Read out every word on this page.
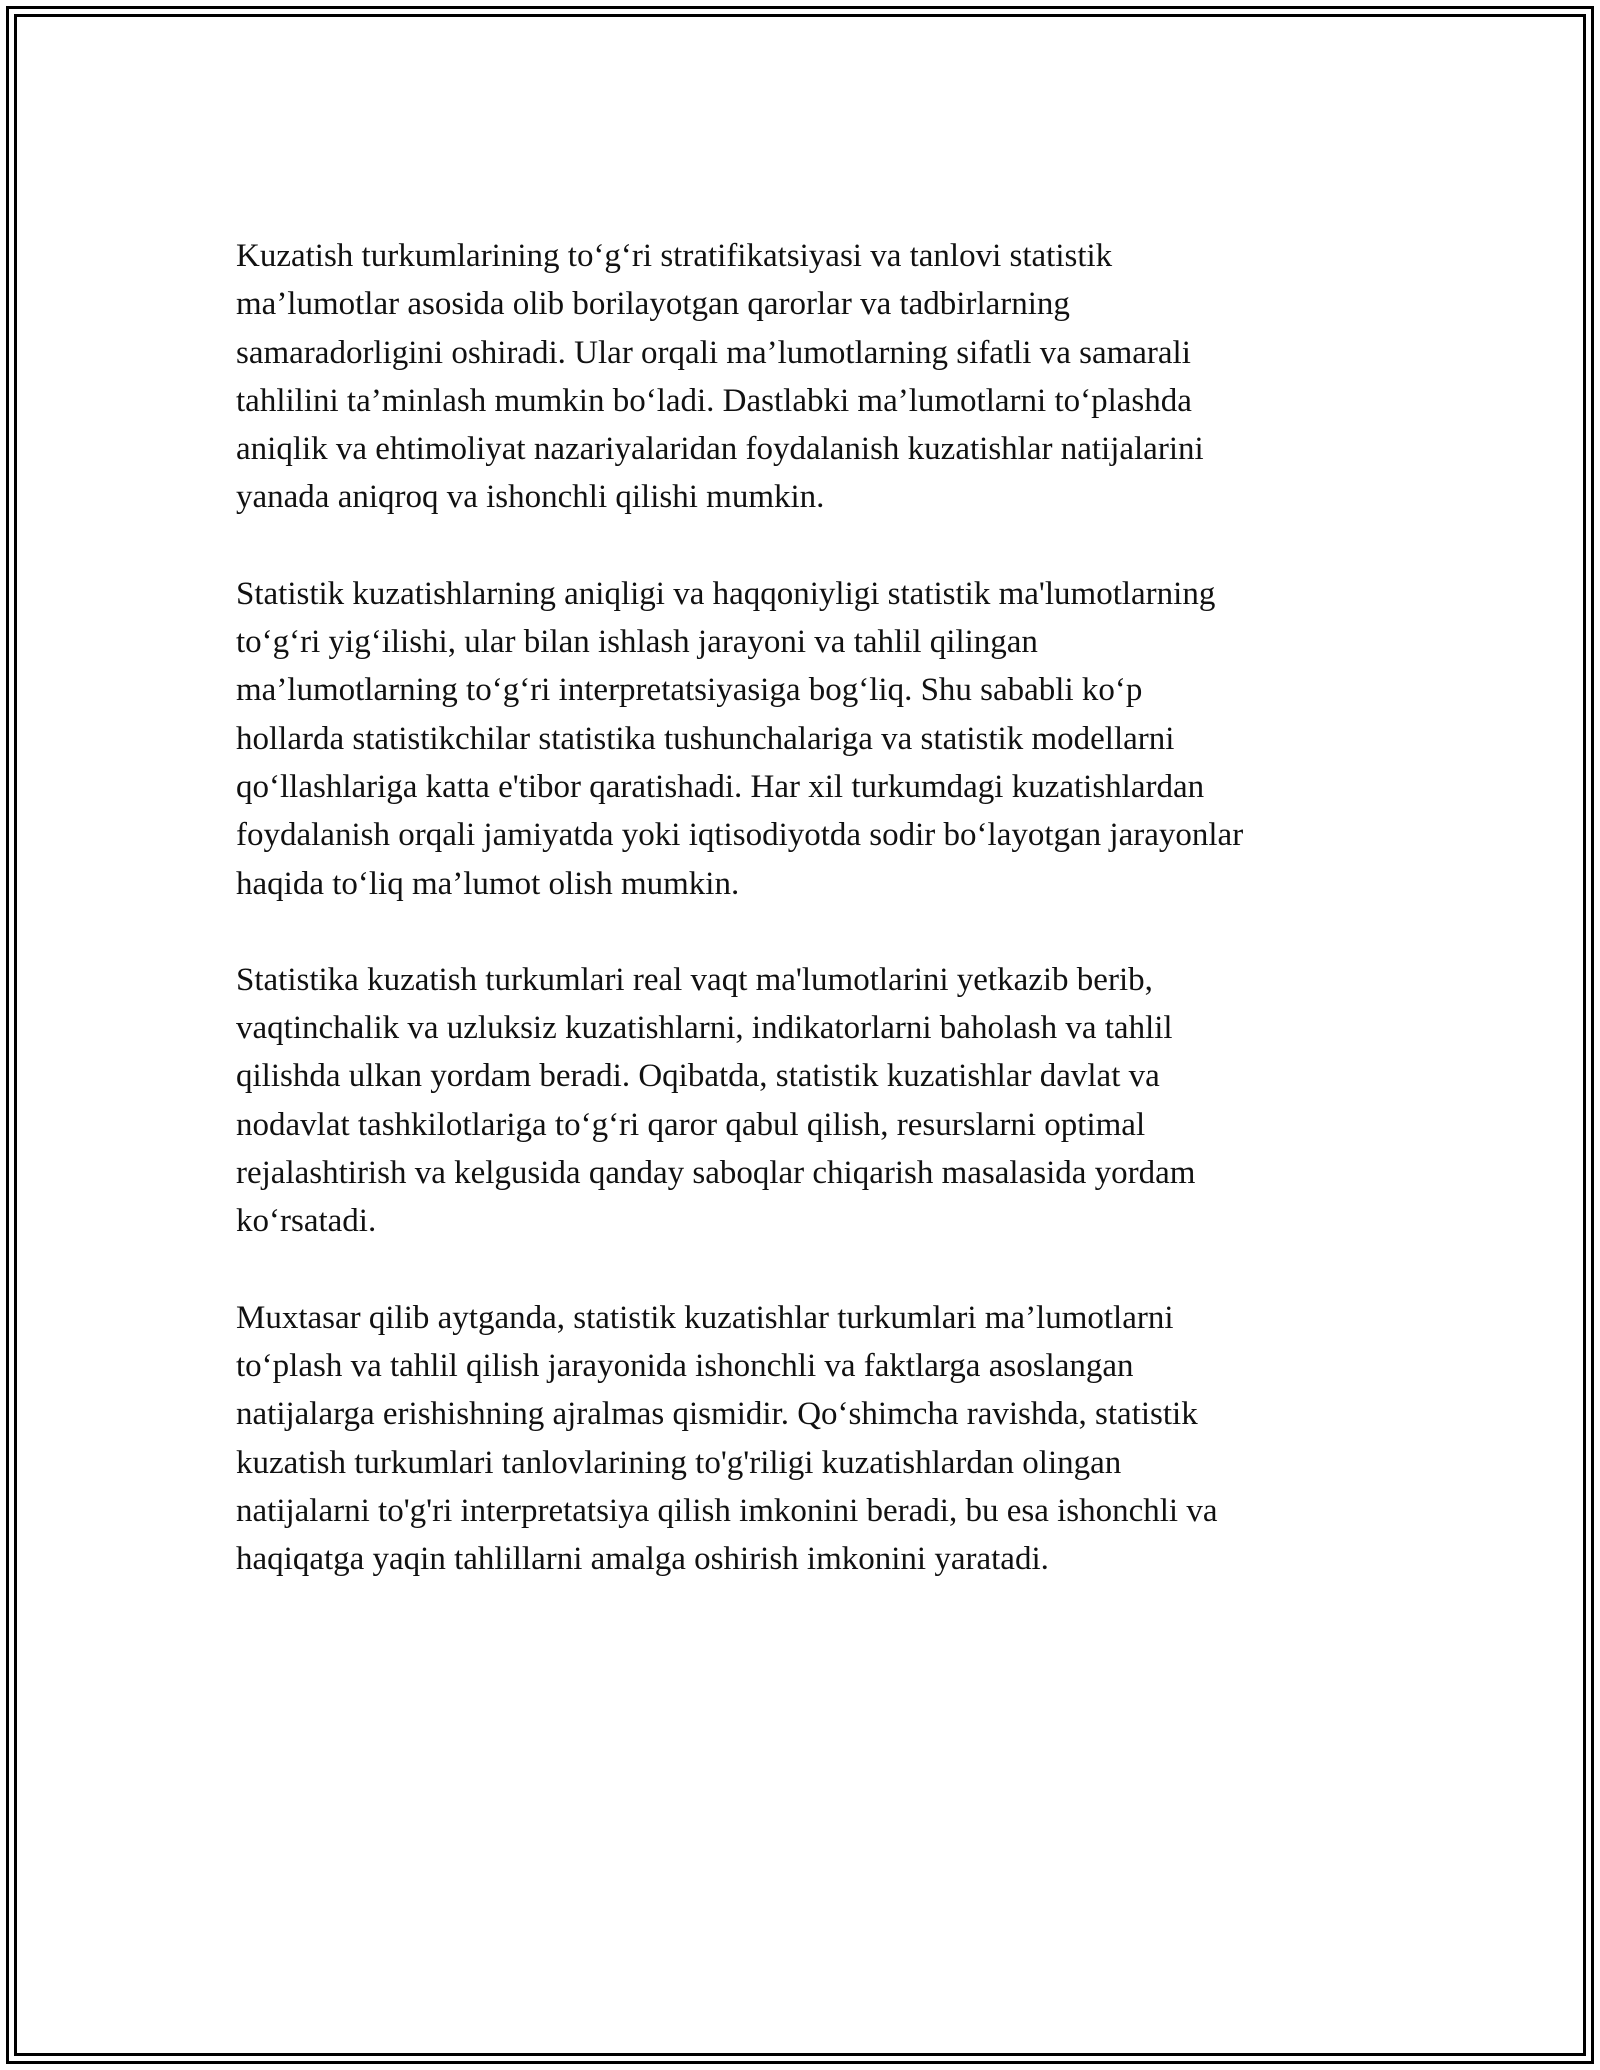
Kuzatish turkumlarining to‘g‘ri stratifikatsiyasi va tanlovi statistik
ma’lumotlar asosida olib borilayotgan qarorlar va tadbirlarning
samaradorligini oshiradi. Ular orqali ma’lumotlarning sifatli va samarali
tahlilini ta’minlash mumkin bo‘ladi. Dastlabki ma’lumotlarni to‘plashda
aniqlik va ehtimoliyat nazariyalaridan foydalanish kuzatishlar natijalarini
yanada aniqroq va ishonchli qilishi mumkin.

Statistik kuzatishlarning aniqligi va haqqoniyligi statistik ma'lumotlarning
to‘g‘ri yig‘ilishi, ular bilan ishlash jarayoni va tahlil qilingan
ma’lumotlarning to‘g‘ri interpretatsiyasiga bog‘liq. Shu sababli ko‘p
hollarda statistikchilar statistika tushunchalariga va statistik modellarni
qo‘llashlariga katta e'tibor qaratishadi. Har xil turkumdagi kuzatishlardan
foydalanish orqali jamiyatda yoki iqtisodiyotda sodir bo‘layotgan jarayonlar
haqida to‘liq ma’lumot olish mumkin.

Statistika kuzatish turkumlari real vaqt ma'lumotlarini yetkazib berib,
vaqtinchalik va uzluksiz kuzatishlarni, indikatorlarni baholash va tahlil
qilishda ulkan yordam beradi. Oqibatda, statistik kuzatishlar davlat va
nodavlat tashkilotlariga to‘g‘ri qaror qabul qilish, resurslarni optimal
rejalashtirish va kelgusida qanday saboqlar chiqarish masalasida yordam
ko‘rsatadi.

Muxtasar qilib aytganda, statistik kuzatishlar turkumlari ma’lumotlarni
to‘plash va tahlil qilish jarayonida ishonchli va faktlarga asoslangan
natijalarga erishishning ajralmas qismidir. Qo‘shimcha ravishda, statistik
kuzatish turkumlari tanlovlarining to'g'riligi kuzatishlardan olingan
natijalarni to'g'ri interpretatsiya qilish imkonini beradi, bu esa ishonchli va
haqiqatga yaqin tahlillarni amalga oshirish imkonini yaratadi.
